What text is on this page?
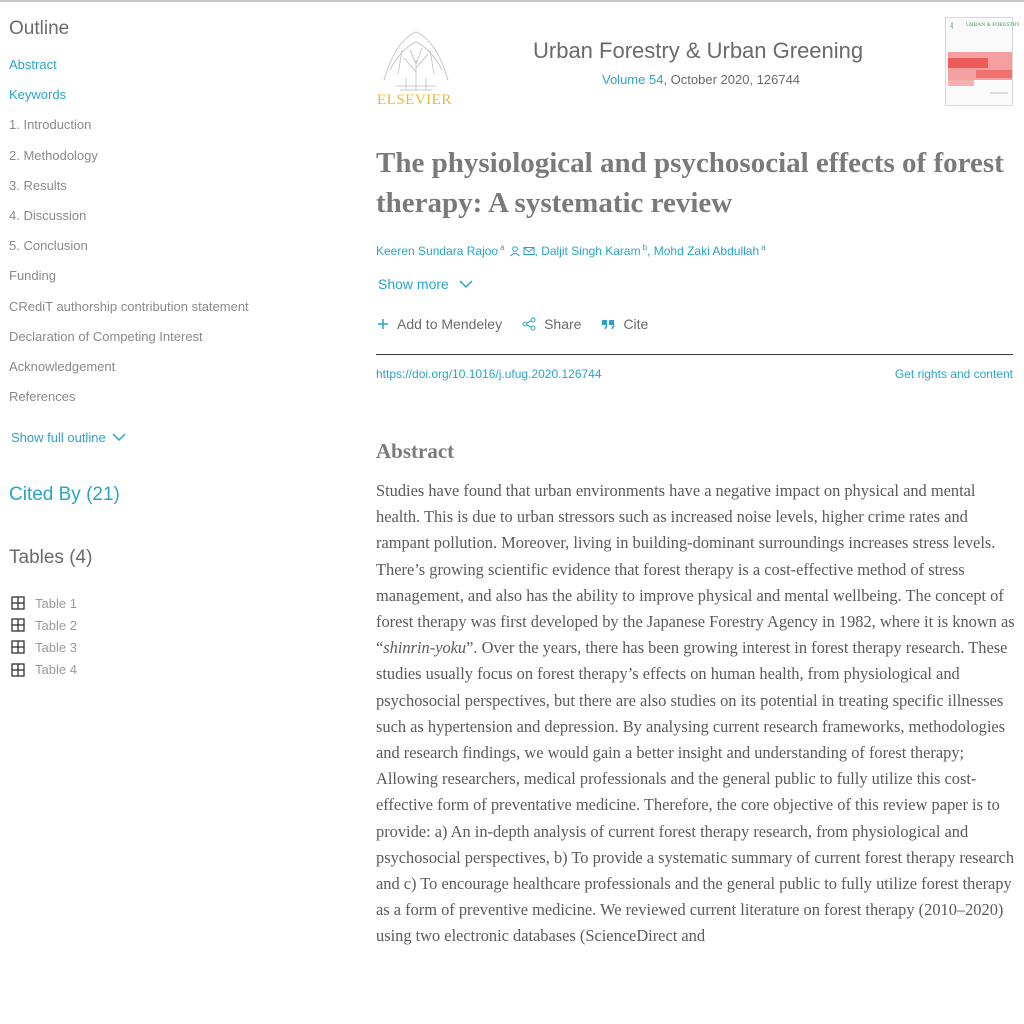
Outline
Abstract
Keywords
1. Introduction
2. Methodology
3. Results
4. Discussion
5. Conclusion
Funding
CRediT authorship contribution statement
Declaration of Competing Interest
Acknowledgement
References
Show full outline
Cited By (21)
Tables (4)
Table 1
Table 2
Table 3
Table 4
ELSEVIER
Urban Forestry & Urban Greening
Volume 54, October 2020, 126744
₰ URBAN & FORESTRY
The physiological and psychosocial effects of forest therapy: A systematic review
Keeren Sundara Rajoo $^a$	, Daljit Singh Karam $^b$ , Mohd Zaki Abdullah $^a$
Show more
Add to Mendeley	Share	Cite
https://doi.org/10.1016/j.ufug.2020.126744	Get rights and content
Abstract

Studies have found that urban environments have a negative impact on physical and mental health. This is due to urban stressors such as increased noise levels, higher crime rates and rampant pollution. Moreover, living in building-dominant surroundings increases stress levels. There’s growing scientific evidence that forest therapy is a cost-effective method of stress management, and also has the ability to improve physical and mental wellbeing. The concept of forest therapy was first developed by the Japanese Forestry Agency in 1982, where it is known as “shinrin-yoku”. Over the years, there has been growing interest in forest therapy research. These studies usually focus on forest therapy’s effects on human health, from physiological and psychosocial perspectives, but there are also studies on its potential in treating specific illnesses such as hypertension and depression. By analysing current research frameworks, methodologies and research findings, we would gain a better insight and understanding of forest therapy; Allowing researchers, medical professionals and the general public to fully utilize this cost-effective form of preventative medicine. Therefore, the core objective of this review paper is to provide: a) An in-depth analysis of current forest therapy research, from physiological and psychosocial perspectives, b) To provide a systematic summary of current forest therapy research and c) To encourage healthcare professionals and the general public to fully utilize forest therapy as a form of preventive medicine. We reviewed current literature on forest therapy (2010–2020) using two electronic databases (ScienceDirect and
